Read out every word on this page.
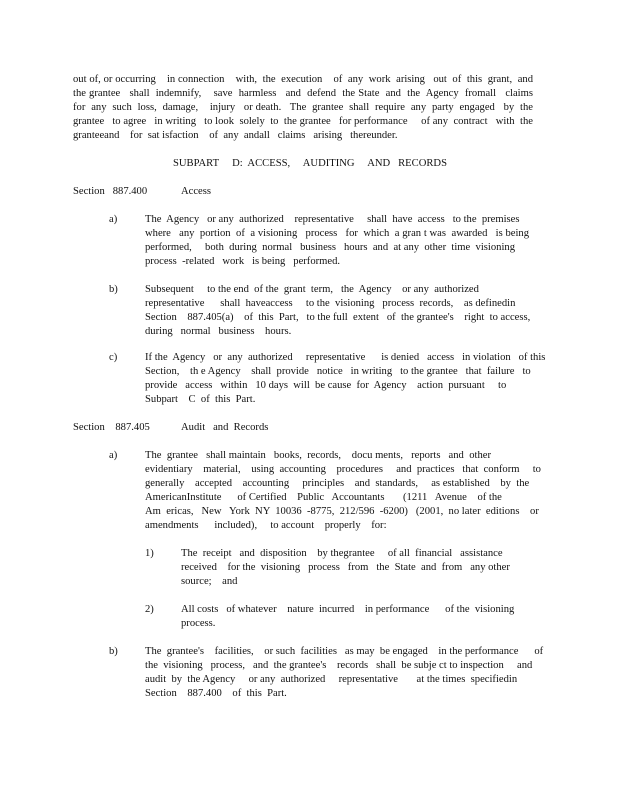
out of, or occurring    in connection    with,  the  execution    of  any  work  arising   out  of  this  grant,  and
the grantee   shall  indemnify,    save  harmless   and  defend  the State  and  the  Agency  fromall   claims
for  any  such  loss,  damage,    injury   or death.   The  grantee  shall  require  any  party  engaged   by  the
grantee   to agree   in writing   to look  solely  to  the grantee   for performance     of any  contract   with  the
granteeand    for  sat isfaction    of  any  andall   claims   arising   thereunder.
SUBPART     D:  ACCESS,     AUDITING     AND   RECORDS
Section   887.400	Access
a)	The  Agency   or any  authorized    representative     shall  have  access   to the  premises
where   any  portion  of  a visioning   process   for  which  a gran t was  awarded   is being
performed,     both  during  normal   business   hours  and  at any  other  time  visioning
process  -related   work   is being   performed.
b)	Subsequent     to the end  of the  grant  term,   the  Agency    or any  authorized
representative      shall  haveaccess     to the  visioning   process  records,    as definedin
Section    887.405(a)    of  this  Part,   to the full  extent   of  the grantee's    right  to access,
during   normal   business    hours.
c)	If the  Agency   or  any  authorized     representative      is denied   access   in violation   of this
Section,    th e Agency    shall  provide   notice   in writing   to the grantee   that  failure   to
provide   access   within   10 days  will  be cause  for  Agency    action  pursuant     to
Subpart    C  of  this  Part.
Section    887.405	Audit   and  Records
a)	The  grantee   shall maintain   books,  records,    docu ments,   reports   and  other
evidentiary    material,    using  accounting    procedures     and  practices   that  conform     to
generally    accepted    accounting     principles    and  standards,     as established    by  the
AmericanInstitute      of Certified    Public   Accountants       (1211   Avenue    of the
Am  ericas,   New   York  NY  10036  -8775,  212/596  -6200)   (2001,  no later  editions    or
amendments      included),     to account    properly    for:
1)	The  receipt   and  disposition    by thegrantee     of all  financial   assistance
received    for the  visioning   process   from   the  State  and  from   any other
source;    and
2)	All costs   of whatever    nature  incurred    in performance      of the  visioning
process.
b)	The  grantee's    facilities,    or such  facilities   as may  be engaged    in the performance      of
the  visioning   process,   and  the grantee's    records   shall  be subje ct to inspection     and
audit  by  the Agency     or any  authorized     representative       at the times  specifiedin
Section    887.400    of  this  Part.
